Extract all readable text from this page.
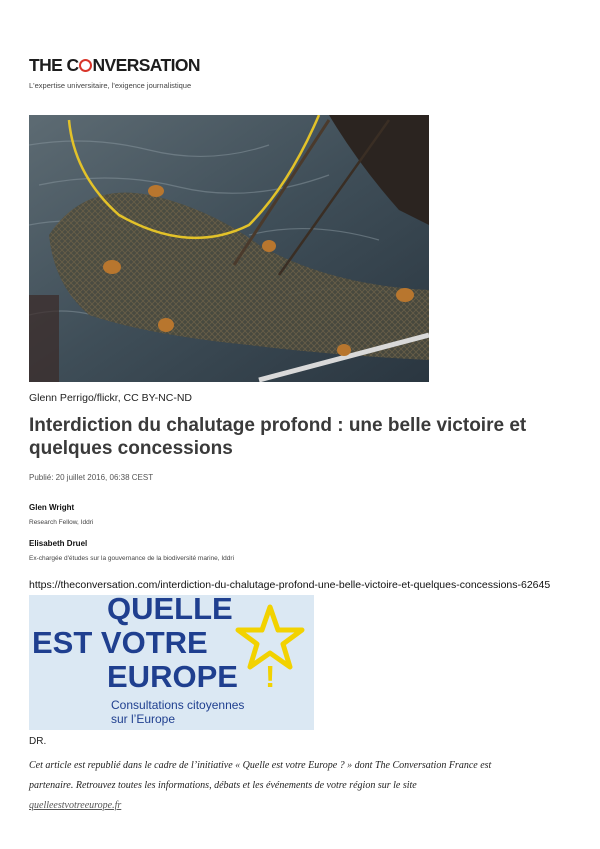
THE C NVERSATION
L'expertise universitaire, l'exigence journalistique
Glenn Perrigo/flickr, CC BY-NC-ND
Interdiction du chalutage profond : une belle victoire et quelques concessions
Publié: 20 juillet 2016, 06:38 CEST
Glen Wright
Research Fellow, Iddri
Elisabeth Druel
Ex-chargée d'études sur la gouvernance de la biodiversité marine, Iddri
https://theconversation.com/interdiction-du-chalutage-profond-une-belle-victoire-et-quelques-concessions-62645
QUELLE
EST VOTRE
EUROPE !
Consultations citoyennes
sur l’Europe
DR.

Cet article est republié dans le cadre de l’initiative « Quelle est votre Europe ? » dont The Conversation France est partenaire. Retrouvez toutes les informations, débats et les événements de votre région sur le site quelleestvotreeurope.fr
